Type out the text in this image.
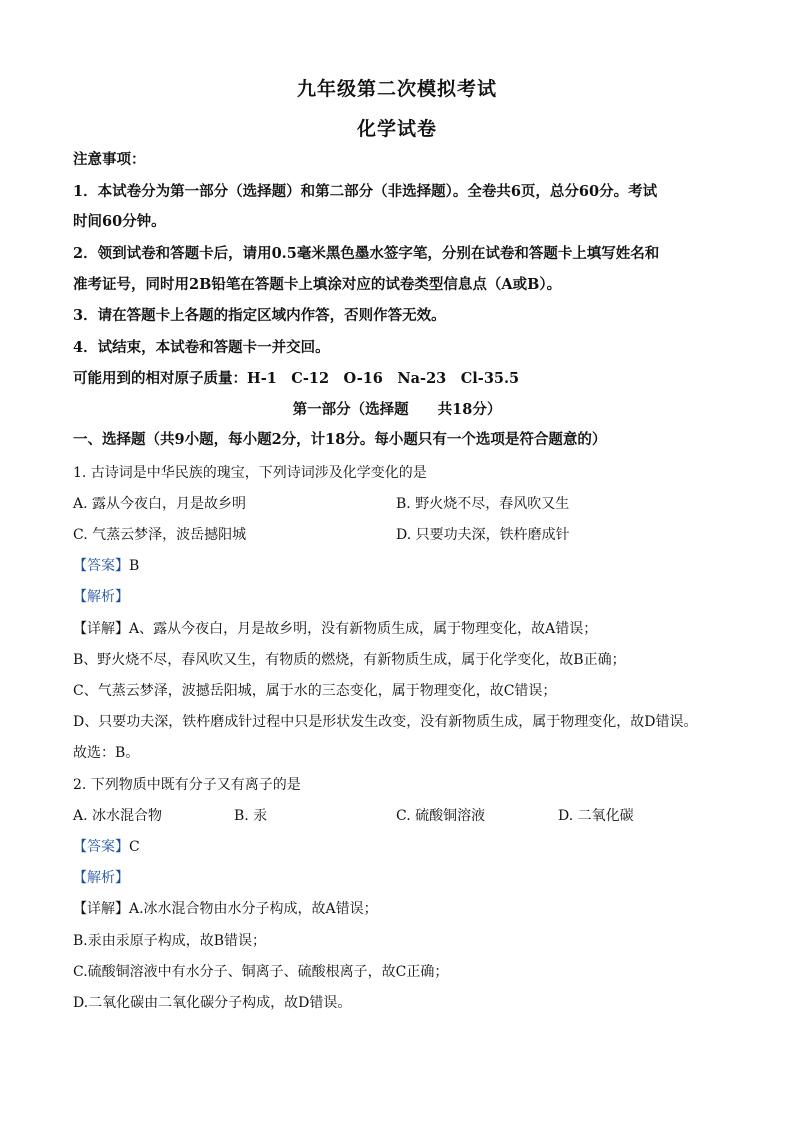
九年级第二次模拟考试
化学试卷
注意事项：
1．本试卷分为第一部分（选择题）和第二部分（非选择题）。全卷共6页，总分60分。考试
时间60分钟。
2．领到试卷和答题卡后，请用0.5毫米黑色墨水签字笔，分别在试卷和答题卡上填写姓名和
准考证号，同时用2B铅笔在答题卡上填涂对应的试卷类型信息点（A或B）。
3．请在答题卡上各题的指定区域内作答，否则作答无效。
4．试结束，本试卷和答题卡一并交回。
可能用到的相对原子质量：H-1　C-12　O-16　Na-23　Cl-35.5
第一部分（选择题　　共18分）
一、选择题（共9小题，每小题2分，计18分。每小题只有一个选项是符合题意的）
1. 古诗词是中华民族的瑰宝，下列诗词涉及化学变化的是
A. 露从今夜白，月是故乡明	B. 野火烧不尽，春风吹又生
C. 气蒸云梦泽，波岳撼阳城	D. 只要功夫深，铁杵磨成针
【答案】B
【解析】
【详解】A、露从今夜白，月是故乡明，没有新物质生成，属于物理变化，故A错误；
B、野火烧不尽，春风吹又生，有物质的燃烧，有新物质生成，属于化学变化，故B正确；
C、气蒸云梦泽，波撼岳阳城，属于水的三态变化，属于物理变化，故C错误；
D、只要功夫深，铁杵磨成针过程中只是形状发生改变，没有新物质生成，属于物理变化，故D错误。
故选：B。
2. 下列物质中既有分子又有离子的是
A. 冰水混合物	B. 汞	C. 硫酸铜溶液	D. 二氧化碳
【答案】C
【解析】
【详解】A.冰水混合物由水分子构成，故A错误；
B.汞由汞原子构成，故B错误；
C.硫酸铜溶液中有水分子、铜离子、硫酸根离子，故C正确；
D.二氧化碳由二氧化碳分子构成，故D错误。
